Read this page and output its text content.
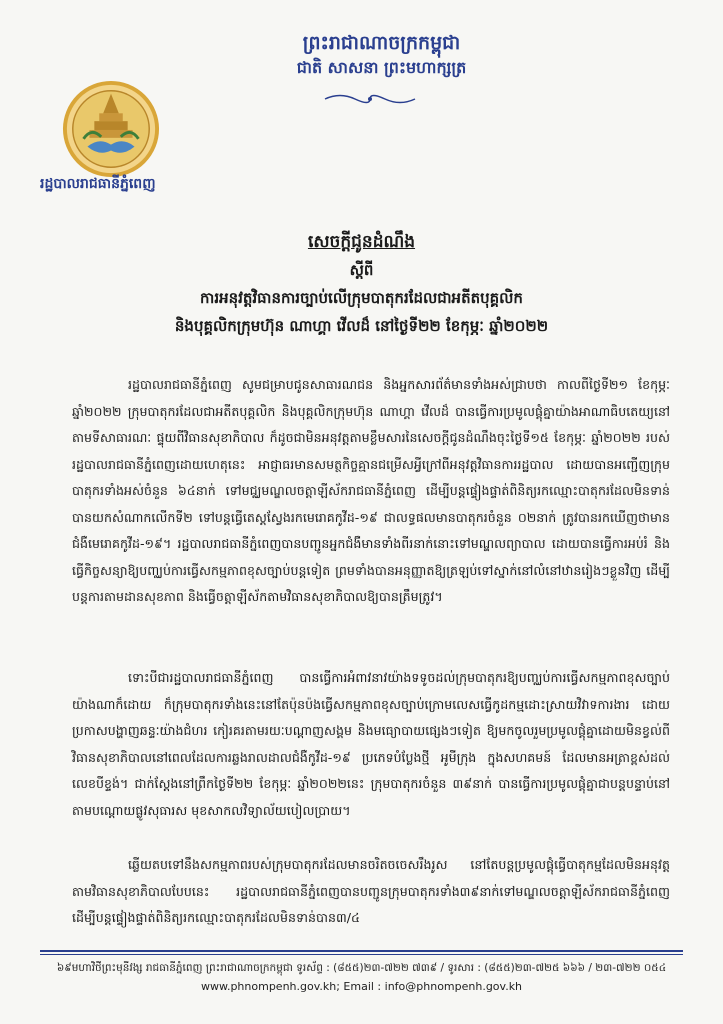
ព្រះរាជាណាចក្រកម្ពុជា
ជាតិ សាសនា ព្រះមហាក្សត្រ
រដ្ឋបាលរាជធានីភ្នំពេញ
សេចក្តីជូនដំណឹង
ស្តីពី
ការអនុវត្តវិធានការច្បាប់លើក្រុមបាតុករដែលជាអតីតបុគ្គលិក
និងបុគ្គលិកក្រុមហ៊ុន ណាហ្គា វើលដ៏ នៅថ្ងៃទី២២ ខែកុម្ភៈ ឆ្នាំ២០២២
រដ្ឋបាលរាជធានីភ្នំពេញ សូមជម្រាបជូនសាធារណជន និងអ្នកសារព័ត៌មានទាំងអស់ជ្រាបថា កាលពីថ្ងៃទី២១ ខែកុម្ភៈ ឆ្នាំ២០២២ ក្រុមបាតុករដែលជាអតីតបុគ្គលិក និងបុគ្គលិកក្រុមហ៊ុន ណាហ្គា វើលដ៏ បានធ្វើការប្រមូលផ្តុំគ្នាយ៉ាងអាណាធិបតេយ្យនៅតាមទីសាធារណៈ ផ្ទុយពីវិធានសុខាភិបាល ក៏ដូចជាមិនអនុវត្តតាមខ្លឹមសារនៃសេចក្តីជូនដំណឹងចុះថ្ងៃទី១៥ ខែកុម្ភៈ ឆ្នាំ២០២២ របស់រដ្ឋបាលរាជធានីភ្នំពេញដោយហេតុនេះ អាជ្ញាធរមានសមត្ថកិច្ចគ្មានជម្រើសអ្វីក្រៅពីអនុវត្តវិធានការរដ្ឋបាល ដោយបានអញ្ជើញក្រុមបាតុករទាំងអស់ចំនួន ៦៤នាក់ ទៅមជ្ឈមណ្ឌលចត្តាឡីស័ករាជធានីភ្នំពេញ ដើម្បីបន្តផ្ទៀងផ្ទាត់ពិនិត្យរកឈ្មោះបាតុករដែលមិនទាន់បានយកសំណាកលើកទី២ ទៅបន្តធ្វើតេស្តស្វែងរកមេរោគកូវីដ-១៩ ជាលទ្ធផលមានបាតុករចំនួន ០២នាក់ ត្រូវបានរកឃើញថាមានជំងឺមេរោគកូវីដ-១៩។ រដ្ឋបាលរាជធានីភ្នំពេញបានបញ្ជូនអ្នកជំងឺមានទាំងពីរនាក់នោះទៅមណ្ឌលព្យាបាល ដោយបានធ្វើការអប់រំ និងធ្វើកិច្ចសន្យាឱ្យបញ្ឈប់ការធ្វើសកម្មភាពខុសច្បាប់បន្តទៀត ព្រមទាំងបានអនុញ្ញាតឱ្យត្រឡប់ទៅស្នាក់នៅលំនៅឋានរៀងៗខ្លួនវិញ ដើម្បីបន្តការតាមដានសុខភាព និងធ្វើចត្តាឡីស័កតាមវិធានសុខាភិបាលឱ្យបានត្រឹមត្រូវ។
ទោះបីជារដ្ឋបាលរាជធានីភ្នំពេញ បានធ្វើការអំពាវនាវយ៉ាងទទូចដល់ក្រុមបាតុករឱ្យបញ្ឈប់ការធ្វើសកម្មភាពខុសច្បាប់យ៉ាងណាក៏ដោយ ក៏ក្រុមបាតុករទាំងនេះនៅតែប៉ុនប៉ងធ្វើសកម្មភាពខុសច្បាប់ក្រោមលេសធ្វើកូដកម្មដោះស្រាយវិវាទការងារ ដោយប្រកាសបង្ហាញឆន្ទៈយ៉ាងជំហរ កៀរគរតាមរយៈបណ្តាញសង្គម និងមធ្យោបាយផ្សេងៗទៀត ឱ្យមកចូលរួមប្រមូលផ្តុំគ្នាដោយមិនខ្វល់ពីវិធានសុខាភិបាលនៅពេលដែលការឆ្លងរាលដាលជំងឺកូវីដ-១៩ ប្រភេទបំប្លែងថ្មី អូមីក្រុង ក្នុងសហគមន៍ ដែលមានអត្រាខ្ពស់ដល់លេខបីខ្ទង់។ ជាក់ស្តែងនៅព្រឹកថ្ងៃទី២២ ខែកុម្ភៈ ឆ្នាំ២០២២នេះ ក្រុមបាតុករចំនួន ៣៩នាក់ បានធ្វើការប្រមូលផ្តុំគ្នាជាបន្តបន្ទាប់នៅតាមបណ្តោយផ្លូវសុធារស មុខសាកលវិទ្យាល័យបៀលប្រាយ។
ឆ្លើយតបទៅនឹងសកម្មភាពរបស់ក្រុមបាតុករដែលមានចរិតចចេសរឹងរូស នៅតែបន្តប្រមូលផ្តុំធ្វើបាតុកម្មដែលមិនអនុវត្តតាមវិធានសុខាភិបាលបែបនេះ រដ្ឋបាលរាជធានីភ្នំពេញបានបញ្ជូនក្រុមបាតុករទាំង៣៩នាក់ទៅមណ្ឌលចត្តាឡីស័ករាជធានីភ្នំពេញដើម្បីបន្តផ្ទៀងផ្ទាត់ពិនិត្យរកឈ្មោះបាតុករដែលមិនទាន់បាន៣/៤
៦៩មហាវិថីព្រះមុនីវង្ស រាជធានីភ្នំពេញ ព្រះរាជាណាចក្រកម្ពុជា ទូរស័ព្ទ : (៨៥៥)២៣-៧២២ ៧៣៩ / ទូរសារ : (៨៥៥)២៣-៧២៥ ៦៦៦ / ២៣-៧២២ ០៥៤
www.phnompenh.gov.kh; Email : info@phnompenh.gov.kh
